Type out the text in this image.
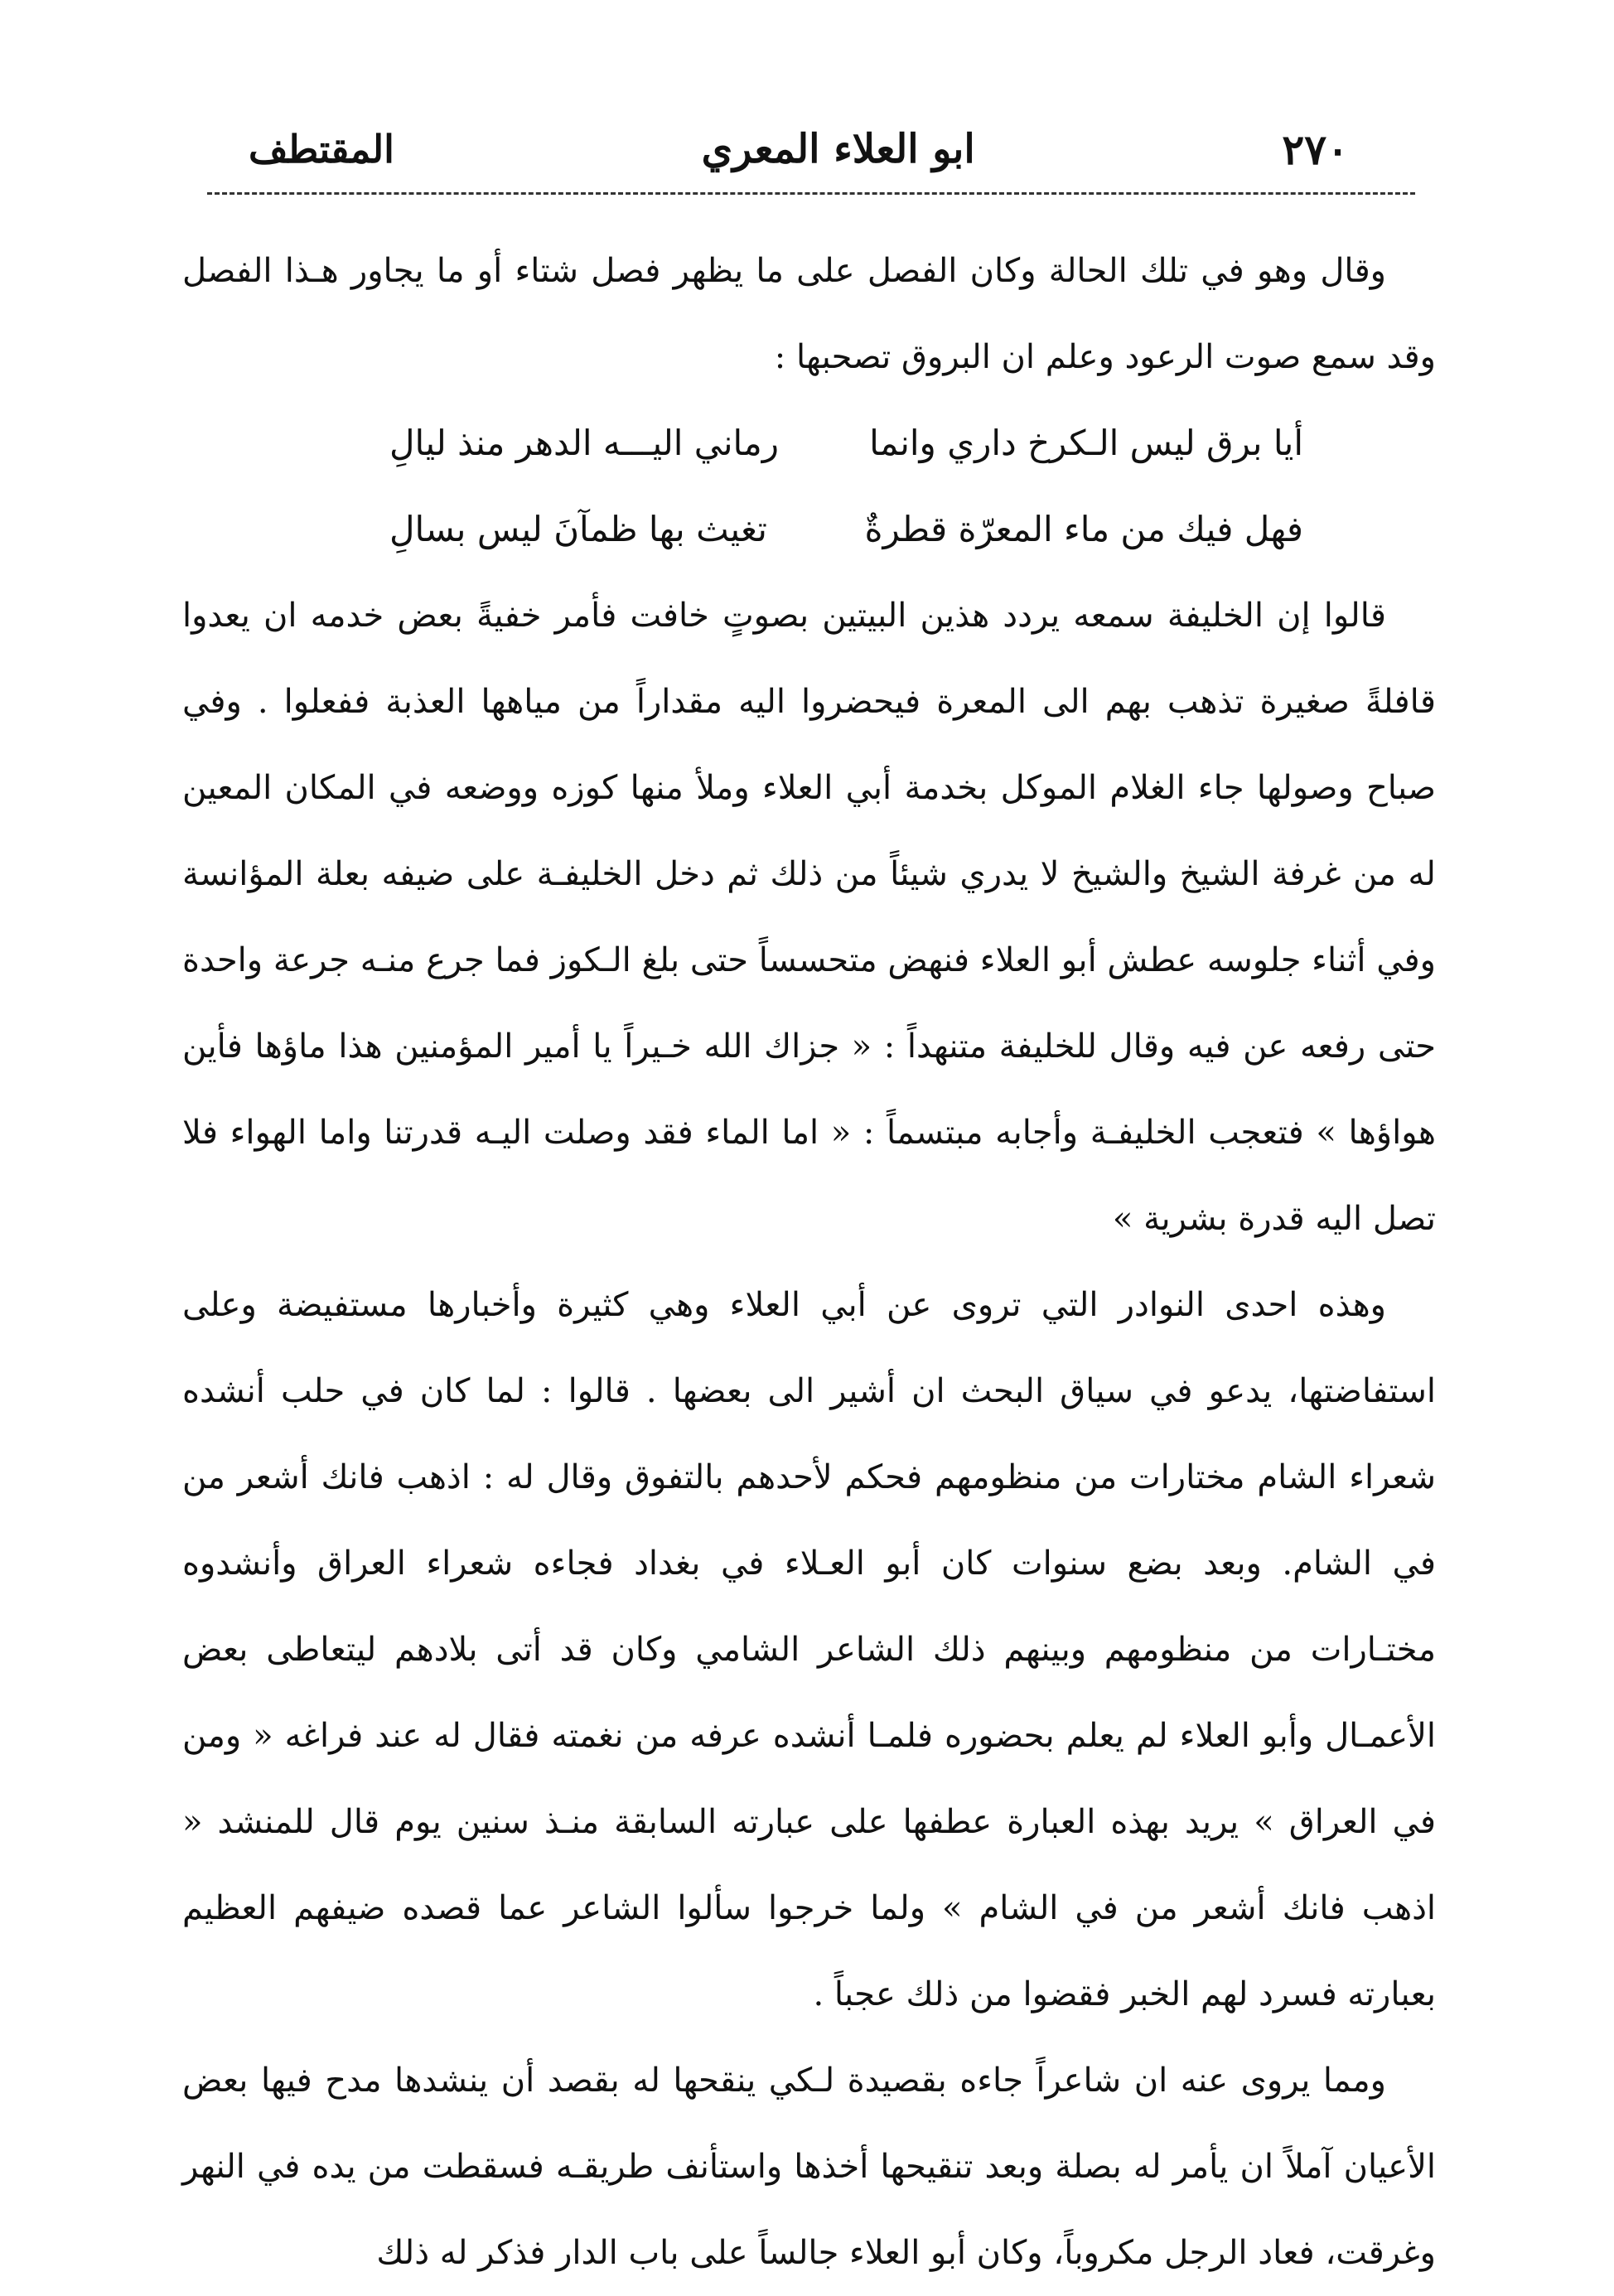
٢٧٠
ابو العلاء المعري
المقتطف

وقال وهو في تلك الحالة وكان الفصل على ما يظهر فصل شتاء أو ما يجاور هـذا الفصل وقد سمع صوت الرعود وعلم ان البروق تصحبها :

أيا برق ليس الـكرخ داري وانما
رماني اليـــه الدهر منذ ليالِ
فهل فيك من ماء المعرّة قطرةٌ
تغيث بها ظمآنَ ليس بسالِ

قالوا إن الخليفة سمعه يردد هذين البيتين بصوتٍ خافت فأمر خفيةً بعض خدمه ان يعدوا قافلةً صغيرة تذهب بهم الى المعرة فيحضروا اليه مقداراً من مياهها العذبة ففعلوا . وفي صباح وصولها جاء الغلام الموكل بخدمة أبي العلاء وملأ منها كوزه ووضعه في المكان المعين له من غرفة الشيخ والشيخ لا يدري شيئاً من ذلك ثم دخل الخليفـة على ضيفه بعلة المؤانسة وفي أثناء جلوسه عطش أبو العلاء فنهض متحسساً حتى بلغ الـكوز فما جرع منـه جرعة واحدة حتى رفعه عن فيه وقال للخليفة متنهداً : « جزاك الله خـيراً يا أمير المؤمنين هذا ماؤها فأين هواؤها » فتعجب الخليفـة وأجابه مبتسماً : « اما الماء فقد وصلت اليـه قدرتنا واما الهواء فلا تصل اليه قدرة بشرية »

وهذه احدى النوادر التي تروى عن أبي العلاء وهي كثيرة وأخبارها مستفيضة وعلى استفاضتها، يدعو في سياق البحث ان أشير الى بعضها . قالوا : لما كان في حلب أنشده شعراء الشام مختارات من منظومهم فحكم لأحدهم بالتفوق وقال له : اذهب فانك أشعر من في الشام. وبعد بضع سنوات كان أبو العـلاء في بغداد فجاءه شعراء العراق وأنشدوه مختـارات من منظومهم وبينهم ذلك الشاعر الشامي وكان قد أتى بلادهم ليتعاطى بعض الأعمـال وأبو العلاء لم يعلم بحضوره فلمـا أنشده عرفه من نغمته فقال له عند فراغه « ومن في العراق » يريد بهذه العبارة عطفها على عبارته السابقة منـذ سنين يوم قال للمنشد « اذهب فانك أشعر من في الشام » ولما خرجوا سألوا الشاعر عما قصده ضيفهم العظيم بعبارته فسرد لهم الخبر فقضوا من ذلك عجباً .

ومما يروى عنه ان شاعراً جاءه بقصيدة لـكي ينقحها له بقصد أن ينشدها مدح فيها بعض الأعيان آملاً ان يأمر له بصلة وبعد تنقيحها أخذها واستأنف طريقـه فسقطت من يده في النهر وغرقت، فعاد الرجل مكروباً، وكان أبو العلاء جالساً على باب الدار فذكر له ذلك
